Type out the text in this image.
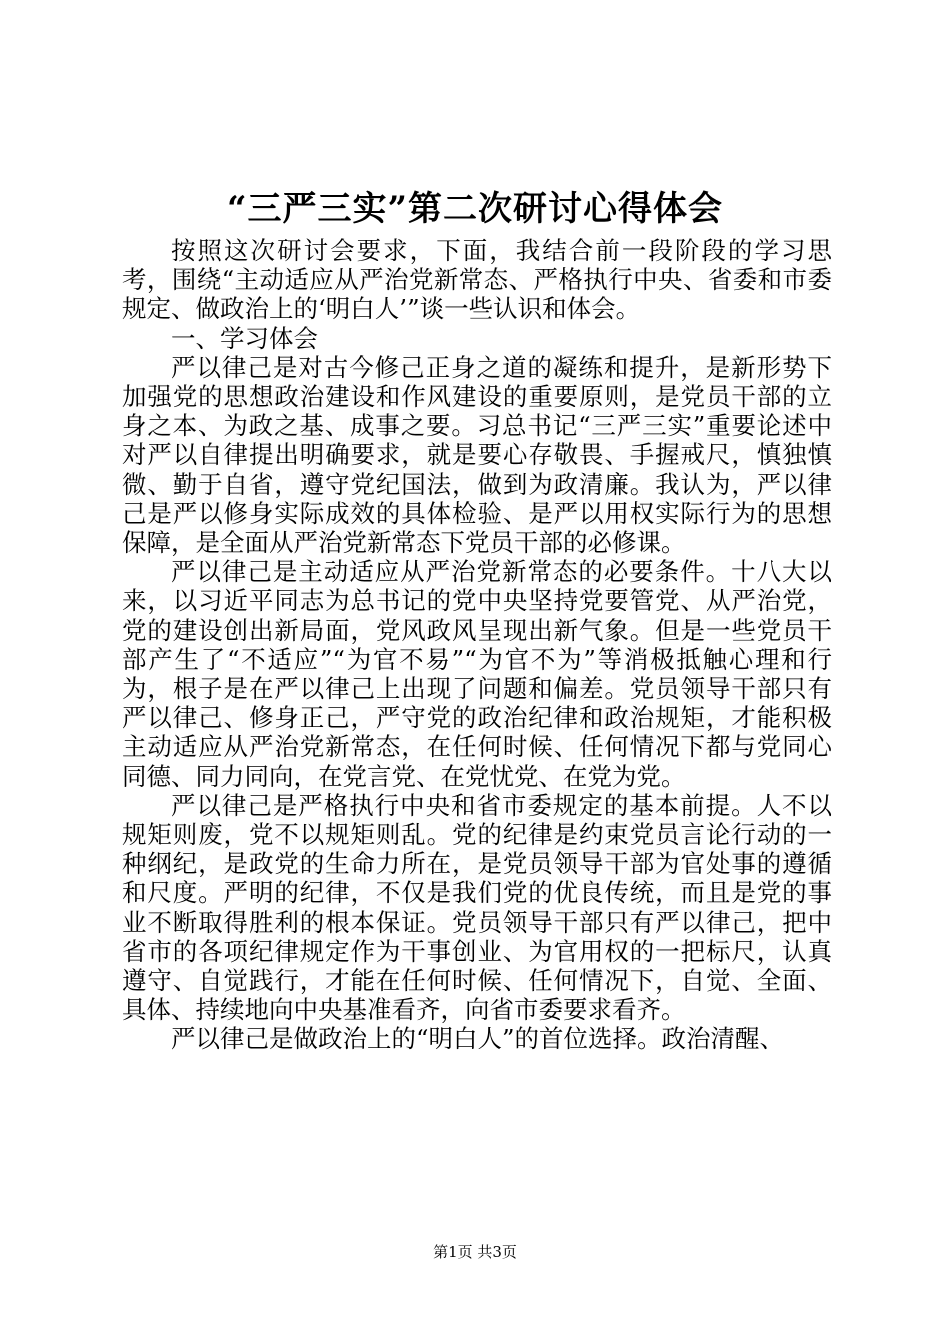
“三严三实”第二次研讨心得体会

按照这次研讨会要求，下面，我结合前一段阶段的学习思考，围绕“主动适应从严治党新常态、严格执行中央、省委和市委规定、做政治上的‘明白人’”谈一些认识和体会。

一、学习体会

严以律己是对古今修己正身之道的凝练和提升，是新形势下加强党的思想政治建设和作风建设的重要原则，是党员干部的立身之本、为政之基、成事之要。习总书记“三严三实”重要论述中对严以自律提出明确要求，就是要心存敬畏、手握戒尺，慎独慎微、勤于自省，遵守党纪国法，做到为政清廉。我认为，严以律己是严以修身实际成效的具体检验、是严以用权实际行为的思想保障，是全面从严治党新常态下党员干部的必修课。

严以律己是主动适应从严治党新常态的必要条件。十八大以来，以习近平同志为总书记的党中央坚持党要管党、从严治党，党的建设创出新局面，党风政风呈现出新气象。但是一些党员干部产生了“不适应”“为官不易”“为官不为”等消极抵触心理和行为，根子是在严以律己上出现了问题和偏差。党员领导干部只有严以律己、修身正己，严守党的政治纪律和政治规矩，才能积极主动适应从严治党新常态，在任何时候、任何情况下都与党同心同德、同力同向，在党言党、在党忧党、在党为党。

严以律己是严格执行中央和省市委规定的基本前提。人不以规矩则废，党不以规矩则乱。党的纪律是约束党员言论行动的一种纲纪，是政党的生命力所在，是党员领导干部为官处事的遵循和尺度。严明的纪律，不仅是我们党的优良传统，而且是党的事业不断取得胜利的根本保证。党员领导干部只有严以律己，把中省市的各项纪律规定作为干事创业、为官用权的一把标尺，认真遵守、自觉践行，才能在任何时候、任何情况下，自觉、全面、具体、持续地向中央基准看齐，向省市委要求看齐。

严以律己是做政治上的“明白人”的首位选择。政治清醒、

第1页 共3页
